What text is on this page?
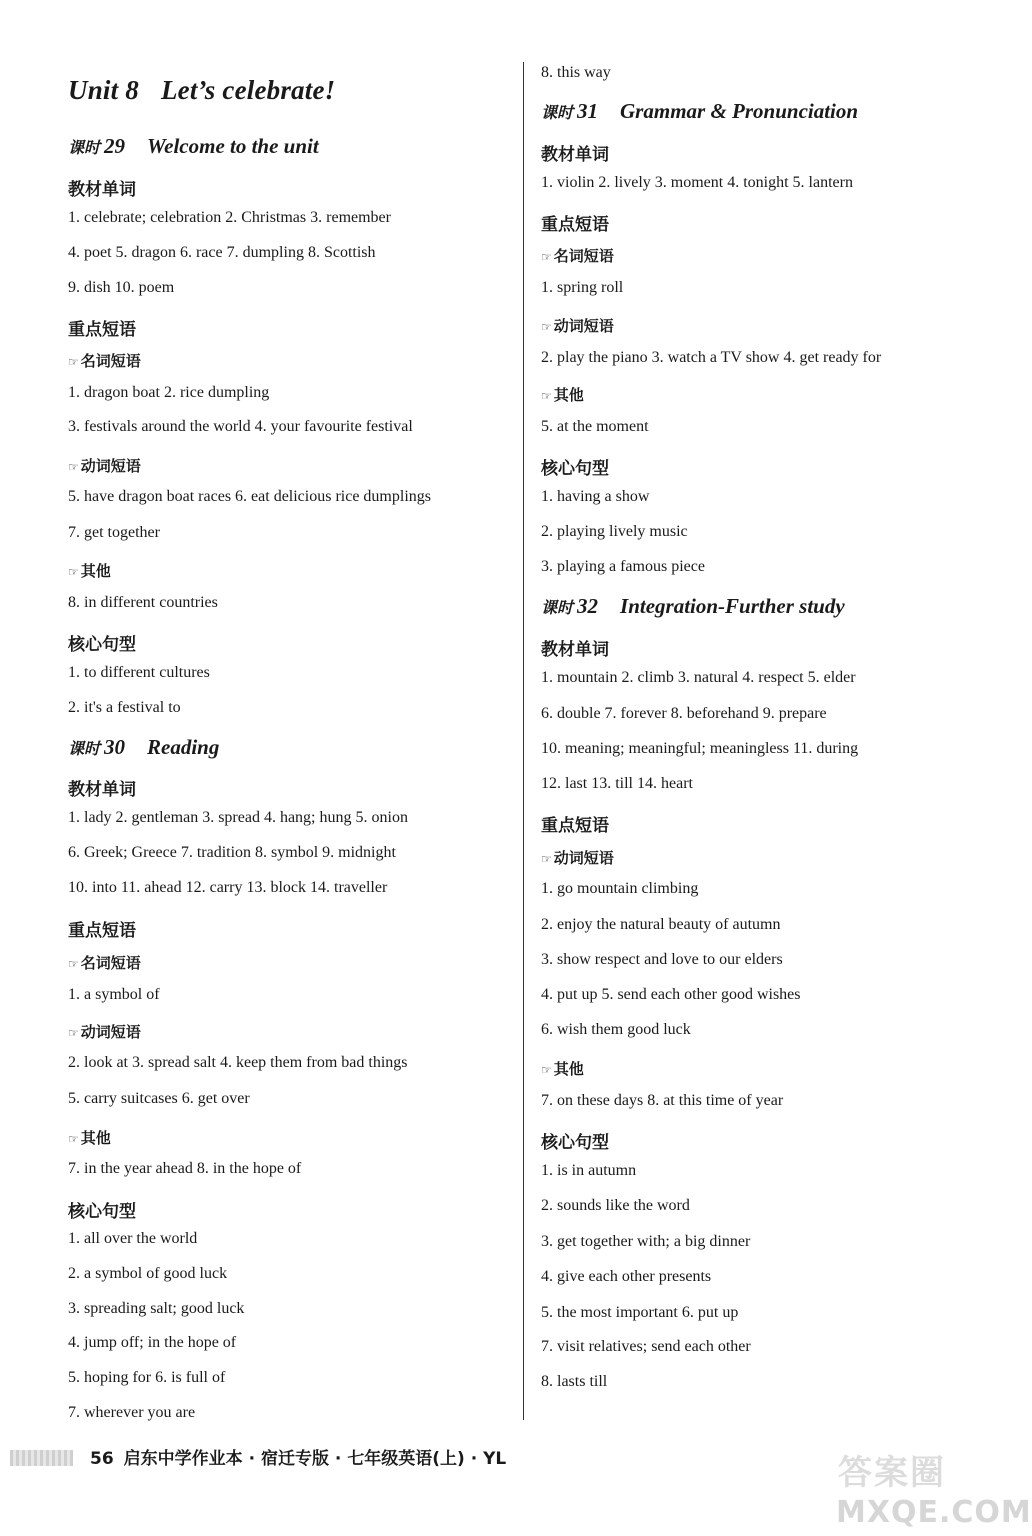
Unit 8 Let’s celebrate!
课时 29 Welcome to the unit
教材单词
1. celebrate; celebration 2. Christmas 3. remember
4. poet 5. dragon 6. race 7. dumpling 8. Scottish
9. dish 10. poem
重点短语
☞ 名词短语
1. dragon boat 2. rice dumpling
3. festivals around the world 4. your favourite festival
☞ 动词短语
5. have dragon boat races 6. eat delicious rice dumplings
7. get together
☞ 其他
8. in different countries
核心句型
1. to different cultures
2. it's a festival to
课时 30 Reading
教材单词
1. lady 2. gentleman 3. spread 4. hang; hung 5. onion
6. Greek; Greece 7. tradition 8. symbol 9. midnight
10. into 11. ahead 12. carry 13. block 14. traveller
重点短语
☞ 名词短语
1. a symbol of
☞ 动词短语
2. look at 3. spread salt 4. keep them from bad things
5. carry suitcases 6. get over
☞ 其他
7. in the year ahead 8. in the hope of
核心句型
1. all over the world
2. a symbol of good luck
3. spreading salt; good luck
4. jump off; in the hope of
5. hoping for 6. is full of
7. wherever you are
8. this way
课时 31 Grammar & Pronunciation
教材单词
1. violin 2. lively 3. moment 4. tonight 5. lantern
重点短语
☞ 名词短语
1. spring roll
☞ 动词短语
2. play the piano 3. watch a TV show 4. get ready for
☞ 其他
5. at the moment
核心句型
1. having a show
2. playing lively music
3. playing a famous piece
课时 32 Integration-Further study
教材单词
1. mountain 2. climb 3. natural 4. respect 5. elder
6. double 7. forever 8. beforehand 9. prepare
10. meaning; meaningful; meaningless 11. during
12. last 13. till 14. heart
重点短语
☞ 动词短语
1. go mountain climbing
2. enjoy the natural beauty of autumn
3. show respect and love to our elders
4. put up 5. send each other good wishes
6. wish them good luck
☞ 其他
7. on these days 8. at this time of year
核心句型
1. is in autumn
2. sounds like the word
3. get together with; a big dinner
4. give each other presents
5. the most important 6. put up
7. visit relatives; send each other
8. lasts till
56 启东中学作业本 · 宿迁专版 · 七年级英语(上) · YL	答案圈
MXQE.COM
